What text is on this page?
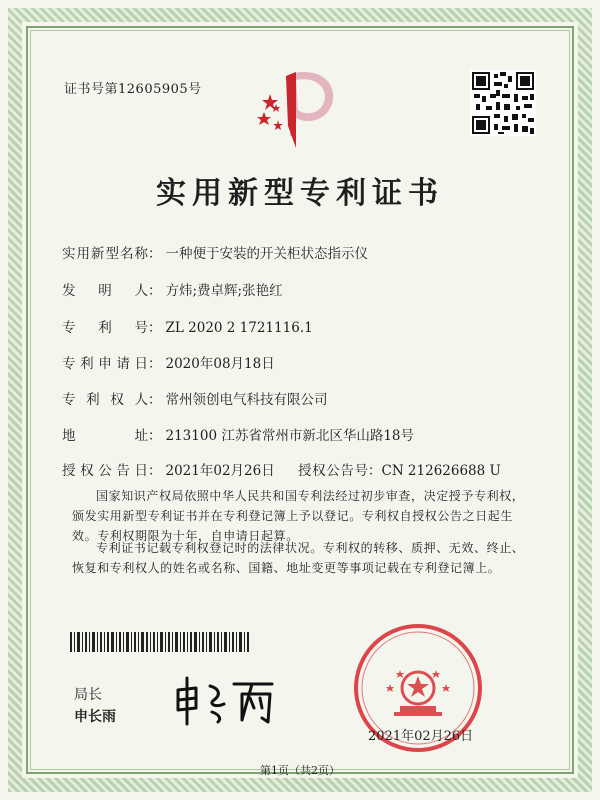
证书号第12605905号
实用新型专利证书
实用新型名称： 一种便于安装的开关柜状态指示仪
发明人： 方炜;费卓辉;张艳红
专利号： ZL 2020 2 1721116.1
专利申请日： 2020年08月18日
专利权人： 常州领创电气科技有限公司
地址： 213100 江苏省常州市新北区华山路18号
授权公告日： 2021年02月26日 授权公告号：CN 212626688 U
国家知识产权局依照中华人民共和国专利法经过初步审查，决定授予专利权，颁发实用新型专利证书并在专利登记簿上予以登记。专利权自授权公告之日起生效。专利权期限为十年，自申请日起算。
专利证书记载专利权登记时的法律状况。专利权的转移、质押、无效、终止、恢复和专利权人的姓名或名称、国籍、地址变更等事项记载在专利登记簿上。
局长
申长雨
2021年02月26日
第1页（共2页）
